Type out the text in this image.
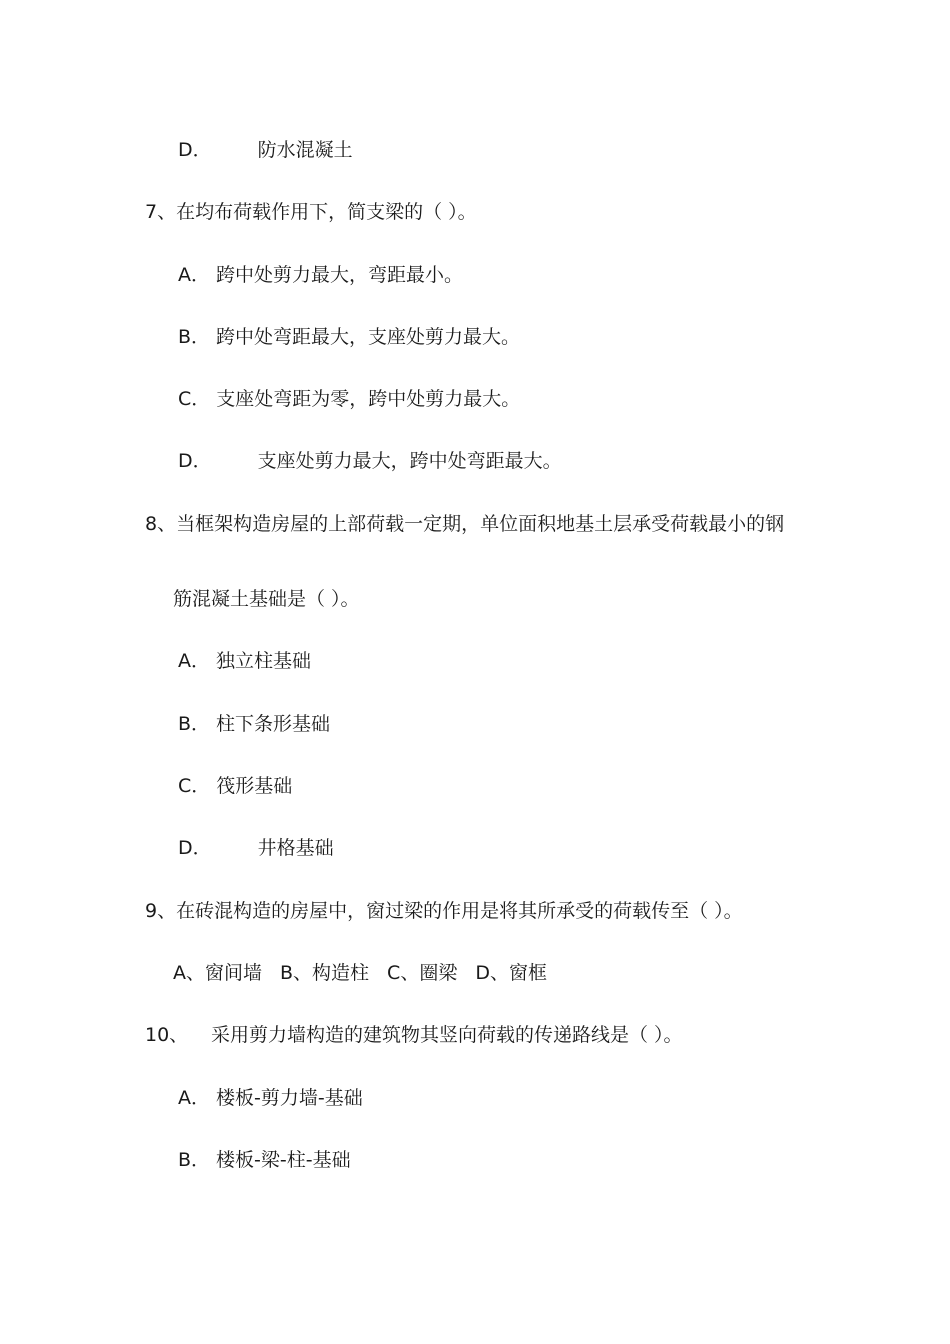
D． 防水混凝土
7、在均布荷载作用下，简支梁的（ ）。
A． 跨中处剪力最大，弯距最小。
B． 跨中处弯距最大，支座处剪力最大。
C． 支座处弯距为零，跨中处剪力最大。
D． 支座处剪力最大，跨中处弯距最大。
8、当框架构造房屋的上部荷载一定期，单位面积地基土层承受荷载最小的钢
筋混凝土基础是（ ）。
A． 独立柱基础
B． 柱下条形基础
C． 筏形基础
D． 井格基础
9、在砖混构造的房屋中，窗过梁的作用是将其所承受的荷载传至（ ）。
A、窗间墙 B、构造柱 C、圈梁 D、窗框
10、 采用剪力墙构造的建筑物其竖向荷载的传递路线是（ ）。
A． 楼板-剪力墙-基础
B． 楼板-梁-柱-基础
